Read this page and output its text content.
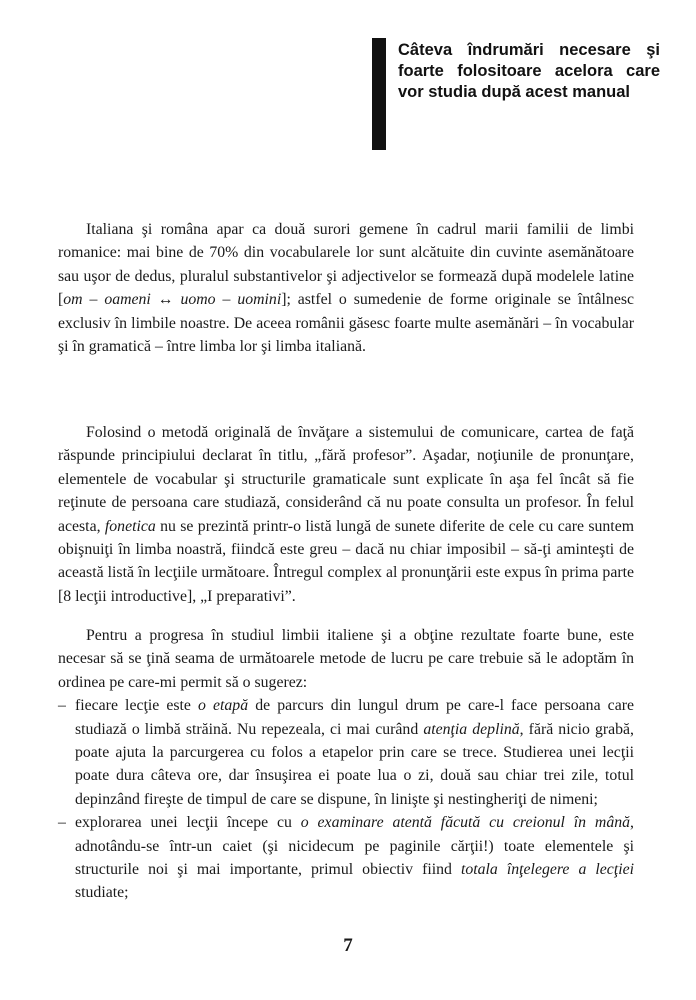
Câteva îndrumări necesare şi foarte folositoare acelora care vor studia după acest manual

Italiana şi româna apar ca două surori gemene în cadrul marii familii de limbi romanice: mai bine de 70% din vocabularele lor sunt alcătuite din cuvinte asemănătoare sau uşor de dedus, pluralul substantivelor şi adjectivelor se formează după modelele latine [om – oameni ↔ uomo – uomini]; astfel o sumedenie de forme originale se întâlnesc exclusiv în limbile noastre. De aceea românii găsesc foarte multe asemănări – în vocabular şi în gramatică – între limba lor şi limba italiană.

Folosind o metodă originală de învăţare a sistemului de comunicare, cartea de faţă răspunde principiului declarat în titlu, „fără profesor”. Aşadar, noţiunile de pronunţare, elementele de vocabular şi structurile gramaticale sunt explicate în aşa fel încât să fie reţinute de persoana care studiază, considerând că nu poate consulta un profesor. În felul acesta, fonetica nu se prezintă printr-o listă lungă de sunete diferite de cele cu care suntem obişnuiţi în limba noastră, fiindcă este greu – dacă nu chiar imposibil – să-ţi aminteşti de această listă în lecţiile următoare. Întregul complex al pronunţării este expus în prima parte [8 lecţii introductive], „I preparativi”.

Pentru a progresa în studiul limbii italiene şi a obţine rezultate foarte bune, este necesar să se ţină seama de următoarele metode de lucru pe care trebuie să le adoptăm în ordinea pe care-mi permit să o sugerez:

– fiecare lecţie este o etapă de parcurs din lungul drum pe care-l face persoana care studiază o limbă străină. Nu repezeala, ci mai curând atenţia deplină, fără nicio grabă, poate ajuta la parcurgerea cu folos a etapelor prin care se trece. Studierea unei lecţii poate dura câteva ore, dar însuşirea ei poate lua o zi, două sau chiar trei zile, totul depinzând fireşte de timpul de care se dispune, în linişte şi nestingheriţi de nimeni;
– explorarea unei lecţii începe cu o examinare atentă făcută cu creionul în mână, adnotându-se într-un caiet (şi nicidecum pe paginile cărţii!) toate elementele şi structurile noi şi mai importante, primul obiectiv fiind totala înţelegere a lecţiei studiate;
7
